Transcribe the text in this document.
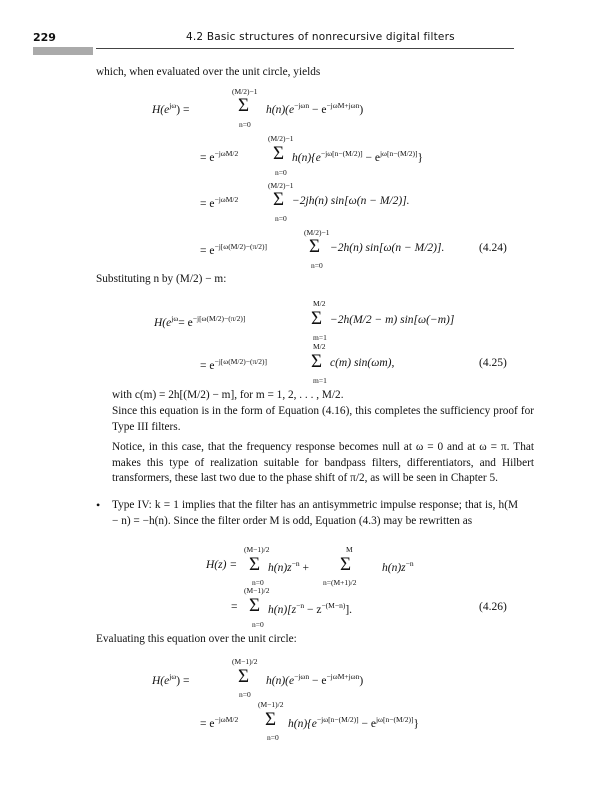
229	4.2 Basic structures of nonrecursive digital filters
which, when evaluated over the unit circle, yields
$H(e^{j\omega})$ =
(M/2)−1
Σ
n=0
$h(n)(e^{-j\omega n} - e^{-j\omega M+j\omega n})$
= $e^{-j\omega M/2}$
(M/2)−1
Σ
n=0
$h(n)\{e^{-j\omega[n-(M/2)]} - e^{j\omega[n-(M/2)]}\}$
= $e^{-j\omega M/2}$
(M/2)−1
Σ
n=0
−2jh(n) sin[ω(n − M/2)].
= $e^{-j[\omega(M/2)-(\pi/2)]}$
(M/2)−1
Σ
n=0
−2h(n) sin[ω(n − M/2)].	(4.24)
Substituting n by (M/2) − m:
$H(e^{j\omega}= e^{-j[\omega(M/2)-(\pi/2)]}$
M/2
Σ
m=1
−2h(M/2 − m) sin[ω(−m)]
= $e^{-j[\omega(M/2)-(\pi/2)]}$
M/2
Σ
m=1
c(m) sin(ωm),	(4.25)
with c(m) = 2h[(M/2) − m], for m = 1, 2, . . . , M/2.
Since this equation is in the form of Equation (4.16), this completes the sufficiency proof for Type III filters.
Notice, in this case, that the frequency response becomes null at ω = 0 and at ω = π. That makes this type of realization suitable for bandpass filters, differentiators, and Hilbert transformers, these last two due to the phase shift of π/2, as will be seen in Chapter 5.
• Type IV: k = 1 implies that the filter has an antisymmetric impulse response; that is, h(M − n) = −h(n). Since the filter order M is odd, Equation (4.3) may be rewritten as
H(z) =
(M−1)/2
Σ
n=0
$h(n)z^{-n}$ +
M
Σ
n=(M+1)/2
$h(n)z^{-n}$
=
(M−1)/2
Σ
n=0
$h(n)[z^{-n} - z^{-(M-n)}]$.	(4.26)
Evaluating this equation over the unit circle:
$H(e^{j\omega})$ =
(M−1)/2
Σ
n=0
$h(n)(e^{-j\omega n} - e^{-j\omega M+j\omega n})$
= $e^{-j\omega M/2}$
(M−1)/2
Σ
n=0
$h(n)\{e^{-j\omega[n-(M/2)]} - e^{j\omega[n-(M/2)]}\}$
